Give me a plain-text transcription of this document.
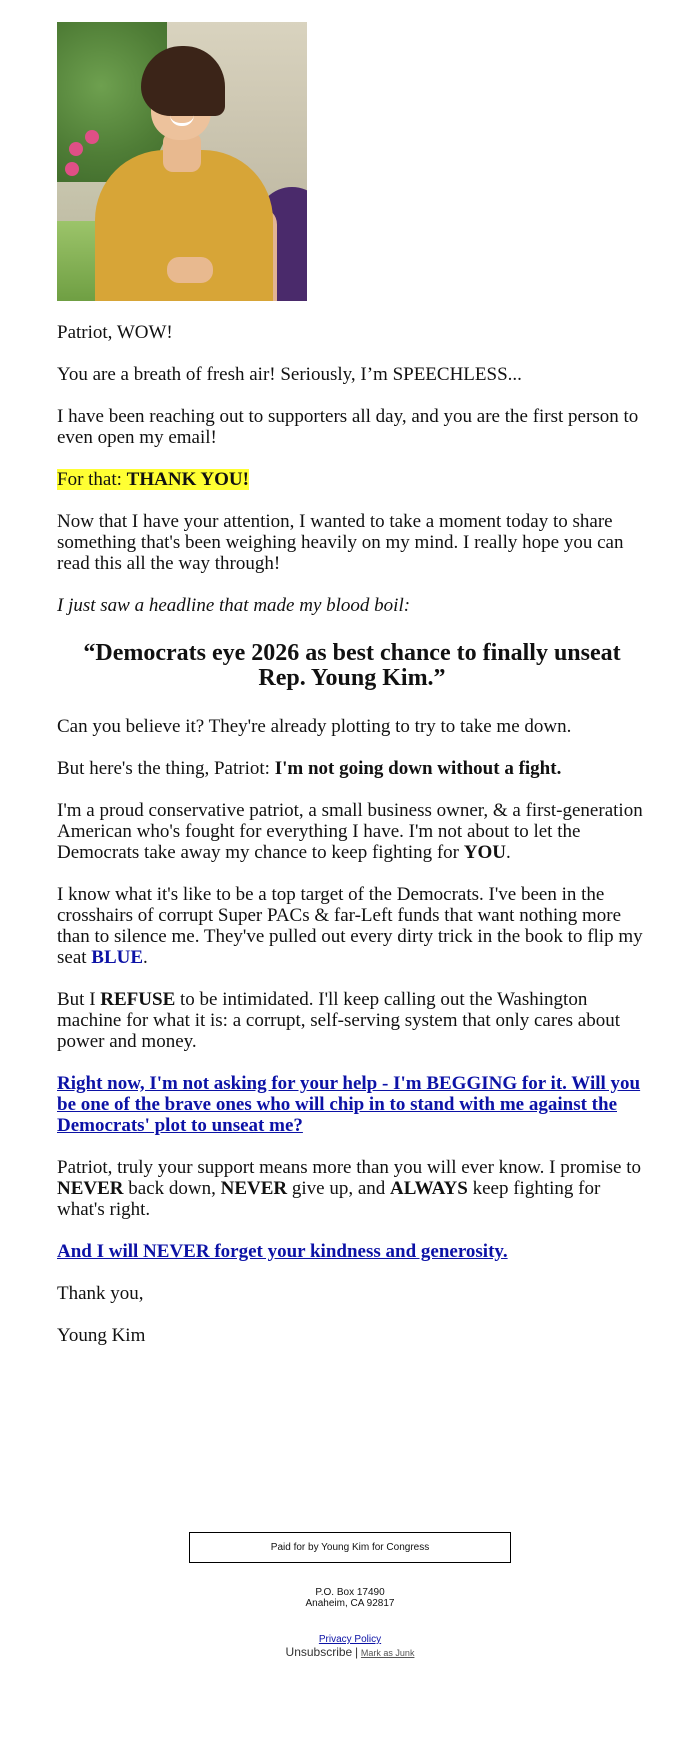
Patriot, WOW!

You are a breath of fresh air! Seriously, I’m SPEECHLESS...

I have been reaching out to supporters all day, and you are the first person to even open my email!

For that: THANK YOU!

Now that I have your attention, I wanted to take a moment today to share something that's been weighing heavily on my mind. I really hope you can read this all the way through!

I just saw a headline that made my blood boil:

“Democrats eye 2026 as best chance to finally unseat Rep. Young Kim.”

Can you believe it? They're already plotting to try to take me down.

But here's the thing, Patriot: I'm not going down without a fight.

I'm a proud conservative patriot, a small business owner, & a first-generation American who's fought for everything I have. I'm not about to let the Democrats take away my chance to keep fighting for YOU.

I know what it's like to be a top target of the Democrats. I've been in the crosshairs of corrupt Super PACs & far-Left funds that want nothing more than to silence me. They've pulled out every dirty trick in the book to flip my seat BLUE.

But I REFUSE to be intimidated. I'll keep calling out the Washington machine for what it is: a corrupt, self-serving system that only cares about power and money.

Right now, I'm not asking for your help - I'm BEGGING for it. Will you be one of the brave ones who will chip in to stand with me against the Democrats' plot to unseat me?

Patriot, truly your support means more than you will ever know. I promise to NEVER back down, NEVER give up, and ALWAYS keep fighting for what's right.

And I will NEVER forget your kindness and generosity.

Thank you,

Young Kim

Paid for by Young Kim for Congress
P.O. Box 17490
Anaheim, CA 92817
Privacy Policy
Unsubscribe | Mark as Junk
